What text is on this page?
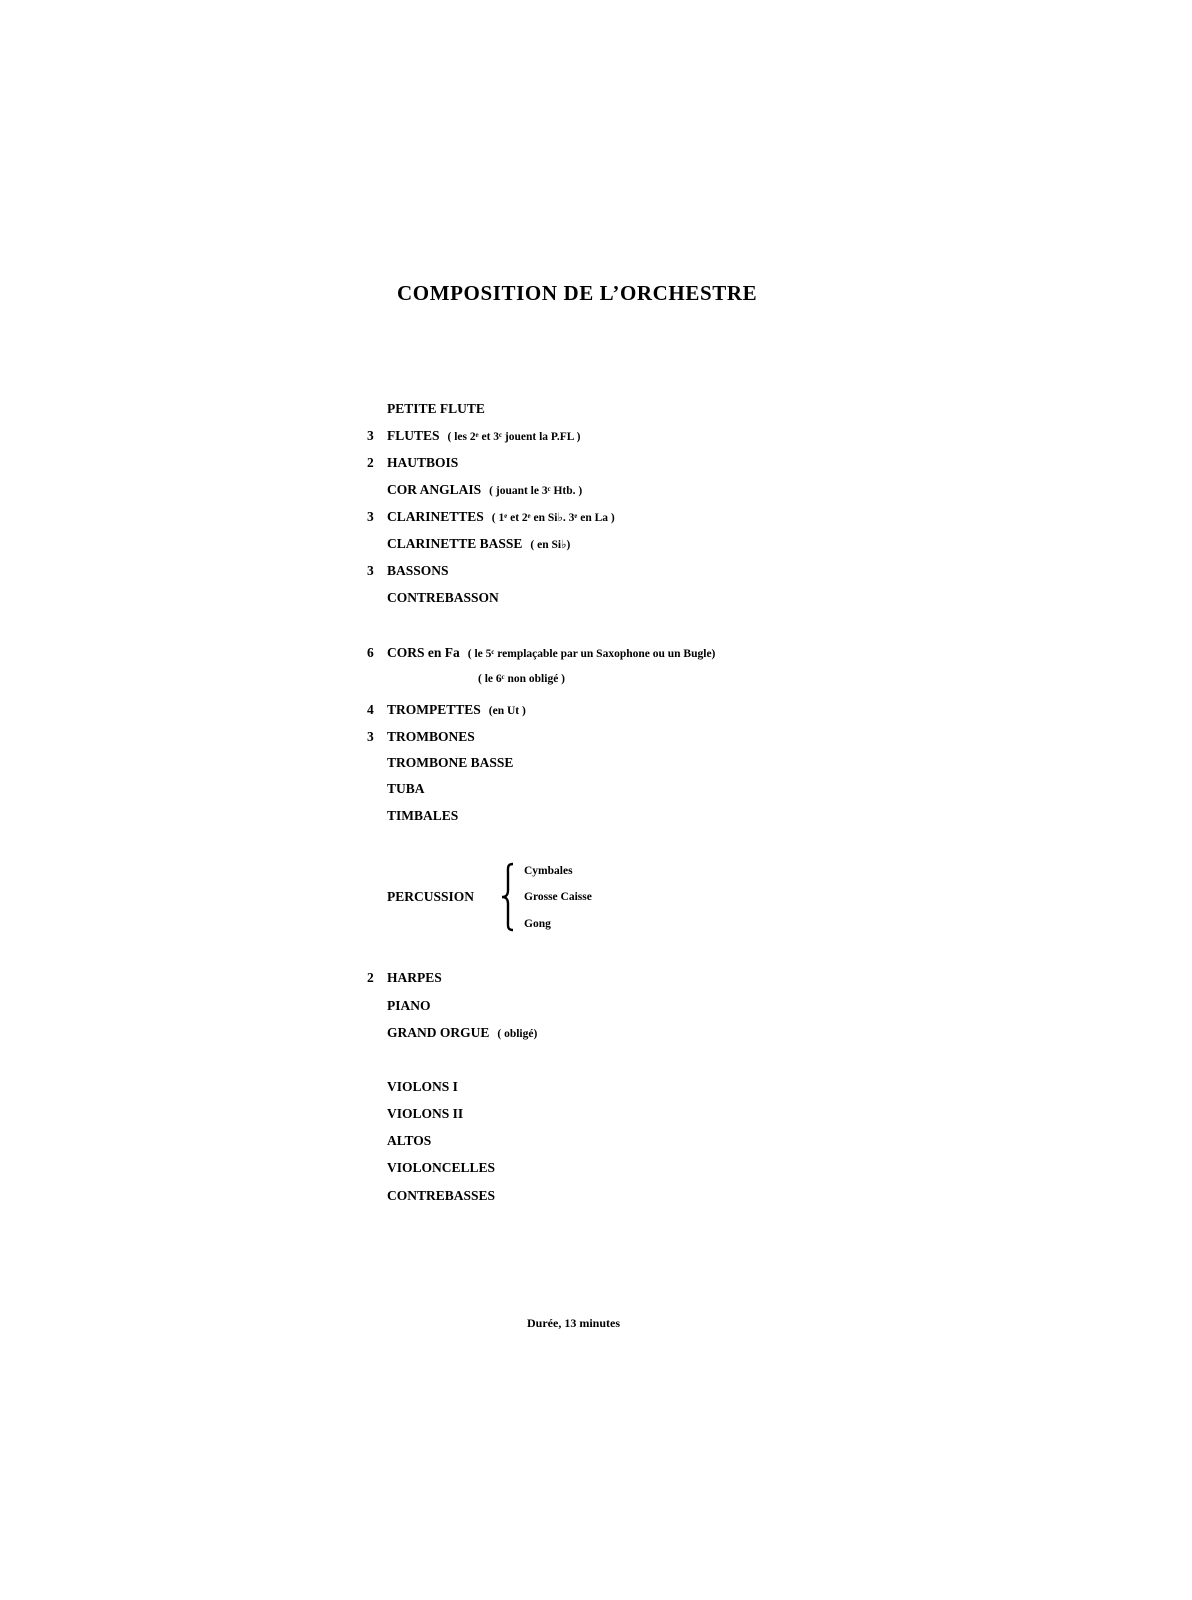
COMPOSITION DE L’ORCHESTRE
PETITE FLUTE
3 FLUTES ( les 2ᵉ et 3ᶜ jouent la P.FL )
2 HAUTBOIS
COR ANGLAIS ( jouant le 3ᶜ Htb. )
3 CLARINETTES ( 1ᵉ et 2ᵉ en Si♭. 3ᵉ en La )
CLARINETTE BASSE ( en Si♭)
3 BASSONS
CONTREBASSON
6 CORS en Fa ( le 5ᶜ remplaçable par un Saxophone ou un Bugle)
( le 6ᶜ non obligé )
4 TROMPETTES (en Ut )
3 TROMBONES
TROMBONE BASSE
TUBA
TIMBALES
PERCUSSION
Cymbales
Grosse Caisse
Gong
2 HARPES
PIANO
GRAND ORGUE ( obligé)
VIOLONS I
VIOLONS II
ALTOS
VIOLONCELLES
CONTREBASSES
Durée, 13 minutes
